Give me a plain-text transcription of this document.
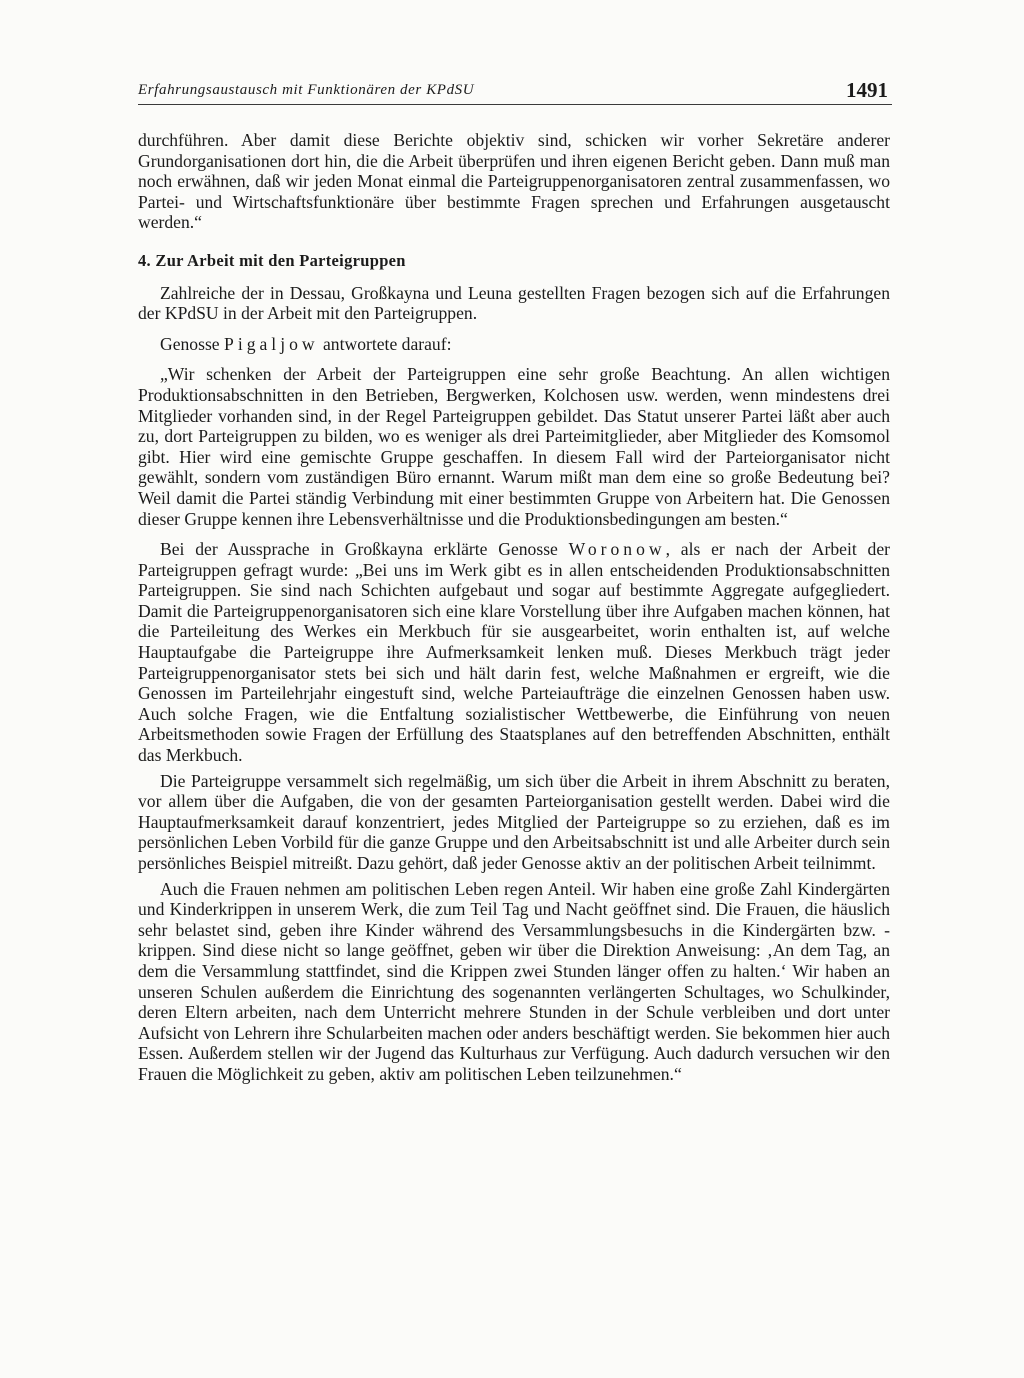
Erfahrungsaustausch mit Funktionären der KPdSU	1491

durchführen. Aber damit diese Berichte objektiv sind, schicken wir vorher Sekretäre anderer Grundorganisationen dort hin, die die Arbeit überprüfen und ihren eigenen Bericht geben. Dann muß man noch erwähnen, daß wir jeden Monat einmal die Parteigruppenorganisatoren zentral zusammenfassen, wo Partei- und Wirtschaftsfunktionäre über bestimmte Fragen sprechen und Erfahrungen ausgetauscht werden.“

4. Zur Arbeit mit den Parteigruppen

Zahlreiche der in Dessau, Großkayna und Leuna gestellten Fragen bezogen sich auf die Erfahrungen der KPdSU in der Arbeit mit den Parteigruppen.

Genosse Pigaljow antwortete darauf:

„Wir schenken der Arbeit der Parteigruppen eine sehr große Beachtung. An allen wichtigen Produktionsabschnitten in den Betrieben, Bergwerken, Kolchosen usw. werden, wenn mindestens drei Mitglieder vorhanden sind, in der Regel Parteigruppen gebildet. Das Statut unserer Partei läßt aber auch zu, dort Parteigruppen zu bilden, wo es weniger als drei Parteimitglieder, aber Mitglieder des Komsomol gibt. Hier wird eine gemischte Gruppe geschaffen. In diesem Fall wird der Parteiorganisator nicht gewählt, sondern vom zuständigen Büro ernannt. Warum mißt man dem eine so große Bedeutung bei? Weil damit die Partei ständig Verbindung mit einer bestimmten Gruppe von Arbeitern hat. Die Genossen dieser Gruppe kennen ihre Lebensverhältnisse und die Produktionsbedingungen am besten.“

Bei der Aussprache in Großkayna erklärte Genosse Woronow, als er nach der Arbeit der Parteigruppen gefragt wurde: „Bei uns im Werk gibt es in allen entscheidenden Produktionsabschnitten Parteigruppen. Sie sind nach Schichten aufgebaut und sogar auf bestimmte Aggregate aufgegliedert. Damit die Parteigruppenorganisatoren sich eine klare Vorstellung über ihre Aufgaben machen können, hat die Parteileitung des Werkes ein Merkbuch für sie ausgearbeitet, worin enthalten ist, auf welche Hauptaufgabe die Parteigruppe ihre Aufmerksamkeit lenken muß. Dieses Merkbuch trägt jeder Parteigruppenorganisator stets bei sich und hält darin fest, welche Maßnahmen er ergreift, wie die Genossen im Parteilehrjahr eingestuft sind, welche Parteiaufträge die einzelnen Genossen haben usw. Auch solche Fragen, wie die Entfaltung sozialistischer Wettbewerbe, die Einführung von neuen Arbeitsmethoden sowie Fragen der Erfüllung des Staatsplanes auf den betreffenden Abschnitten, enthält das Merkbuch.

Die Parteigruppe versammelt sich regelmäßig, um sich über die Arbeit in ihrem Abschnitt zu beraten, vor allem über die Aufgaben, die von der gesamten Parteiorganisation gestellt werden. Dabei wird die Hauptaufmerksamkeit darauf konzentriert, jedes Mitglied der Parteigruppe so zu erziehen, daß es im persönlichen Leben Vorbild für die ganze Gruppe und den Arbeitsabschnitt ist und alle Arbeiter durch sein persönliches Beispiel mitreißt. Dazu gehört, daß jeder Genosse aktiv an der politischen Arbeit teilnimmt.

Auch die Frauen nehmen am politischen Leben regen Anteil. Wir haben eine große Zahl Kindergärten und Kinderkrippen in unserem Werk, die zum Teil Tag und Nacht geöffnet sind. Die Frauen, die häuslich sehr belastet sind, geben ihre Kinder während des Versammlungsbesuchs in die Kindergärten bzw. -krippen. Sind diese nicht so lange geöffnet, geben wir über die Direktion Anweisung: ‚An dem Tag, an dem die Versammlung stattfindet, sind die Krippen zwei Stunden länger offen zu halten.‘ Wir haben an unseren Schulen außerdem die Einrichtung des sogenannten verlängerten Schultages, wo Schulkinder, deren Eltern arbeiten, nach dem Unterricht mehrere Stunden in der Schule verbleiben und dort unter Aufsicht von Lehrern ihre Schularbeiten machen oder anders beschäftigt werden. Sie bekommen hier auch Essen. Außerdem stellen wir der Jugend das Kulturhaus zur Verfügung. Auch dadurch versuchen wir den Frauen die Möglichkeit zu geben, aktiv am politischen Leben teilzunehmen.“
